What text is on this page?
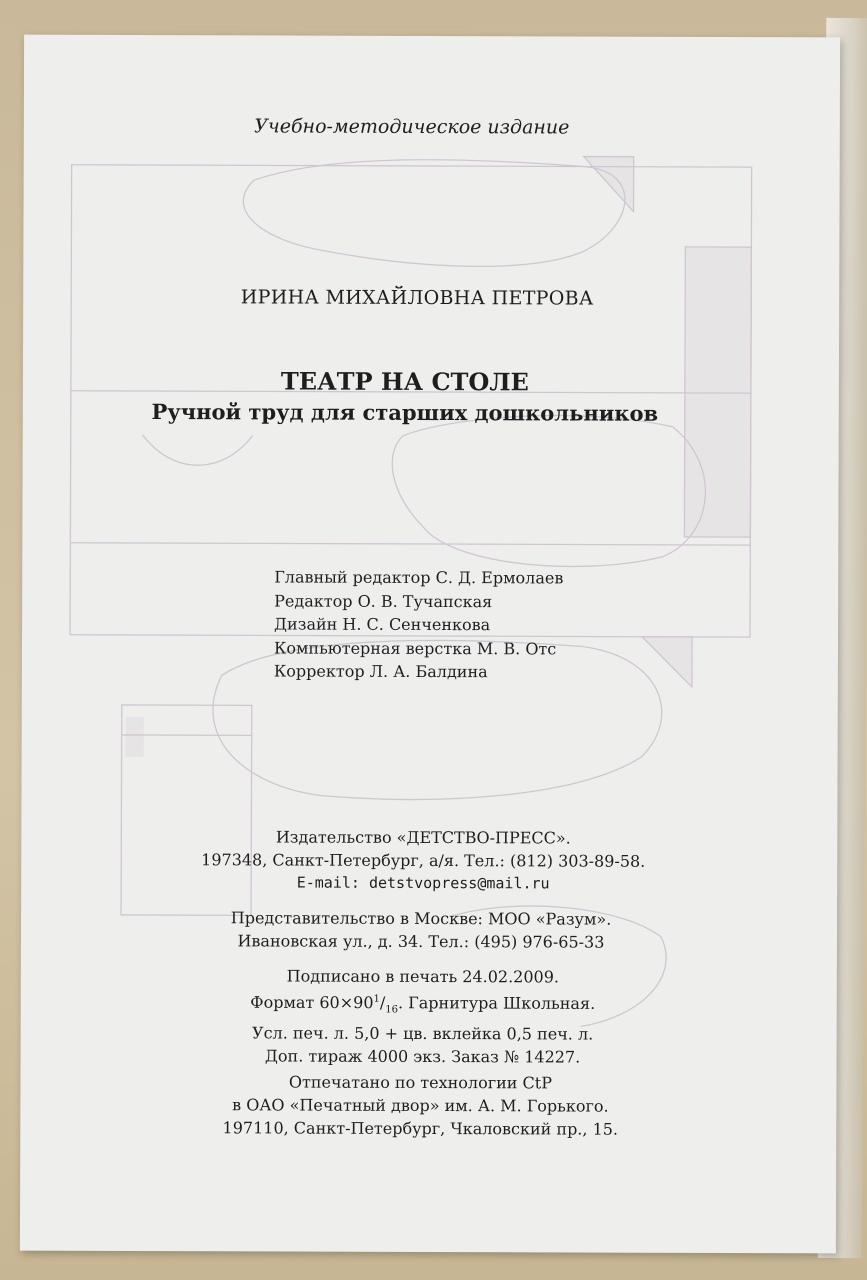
Учебно-методическое издание

ИРИНА МИХАЙЛОВНА ПЕТРОВА

ТЕАТР НА СТОЛЕ

Ручной труд для старших дошкольников

Главный редактор С. Д. Ермолаев
Редактор О. В. Тучапская
Дизайн Н. С. Сенченкова
Компьютерная верстка М. В. Отс
Корректор Л. А. Балдина
Издательство «ДЕТСТВО-ПРЕСС».
197348, Санкт-Петербург, а/я. Тел.: (812) 303-89-58.
E-mail: detstvopress@mail.ru
Представительство в Москве: МОО «Разум».
Ивановская ул., д. 34. Тел.: (495) 976-65-33
Подписано в печать 24.02.2009.
Формат $60\times 90^1/_{16}$. Гарнитура Школьная.
Усл. печ. л. 5,0 + цв. вклейка 0,5 печ. л.
Доп. тираж 4000 экз. Заказ № 14227.
Отпечатано по технологии CtP
в ОАО «Печатный двор» им. А. М. Горького.
197110, Санкт-Петербург, Чкаловский пр., 15.
